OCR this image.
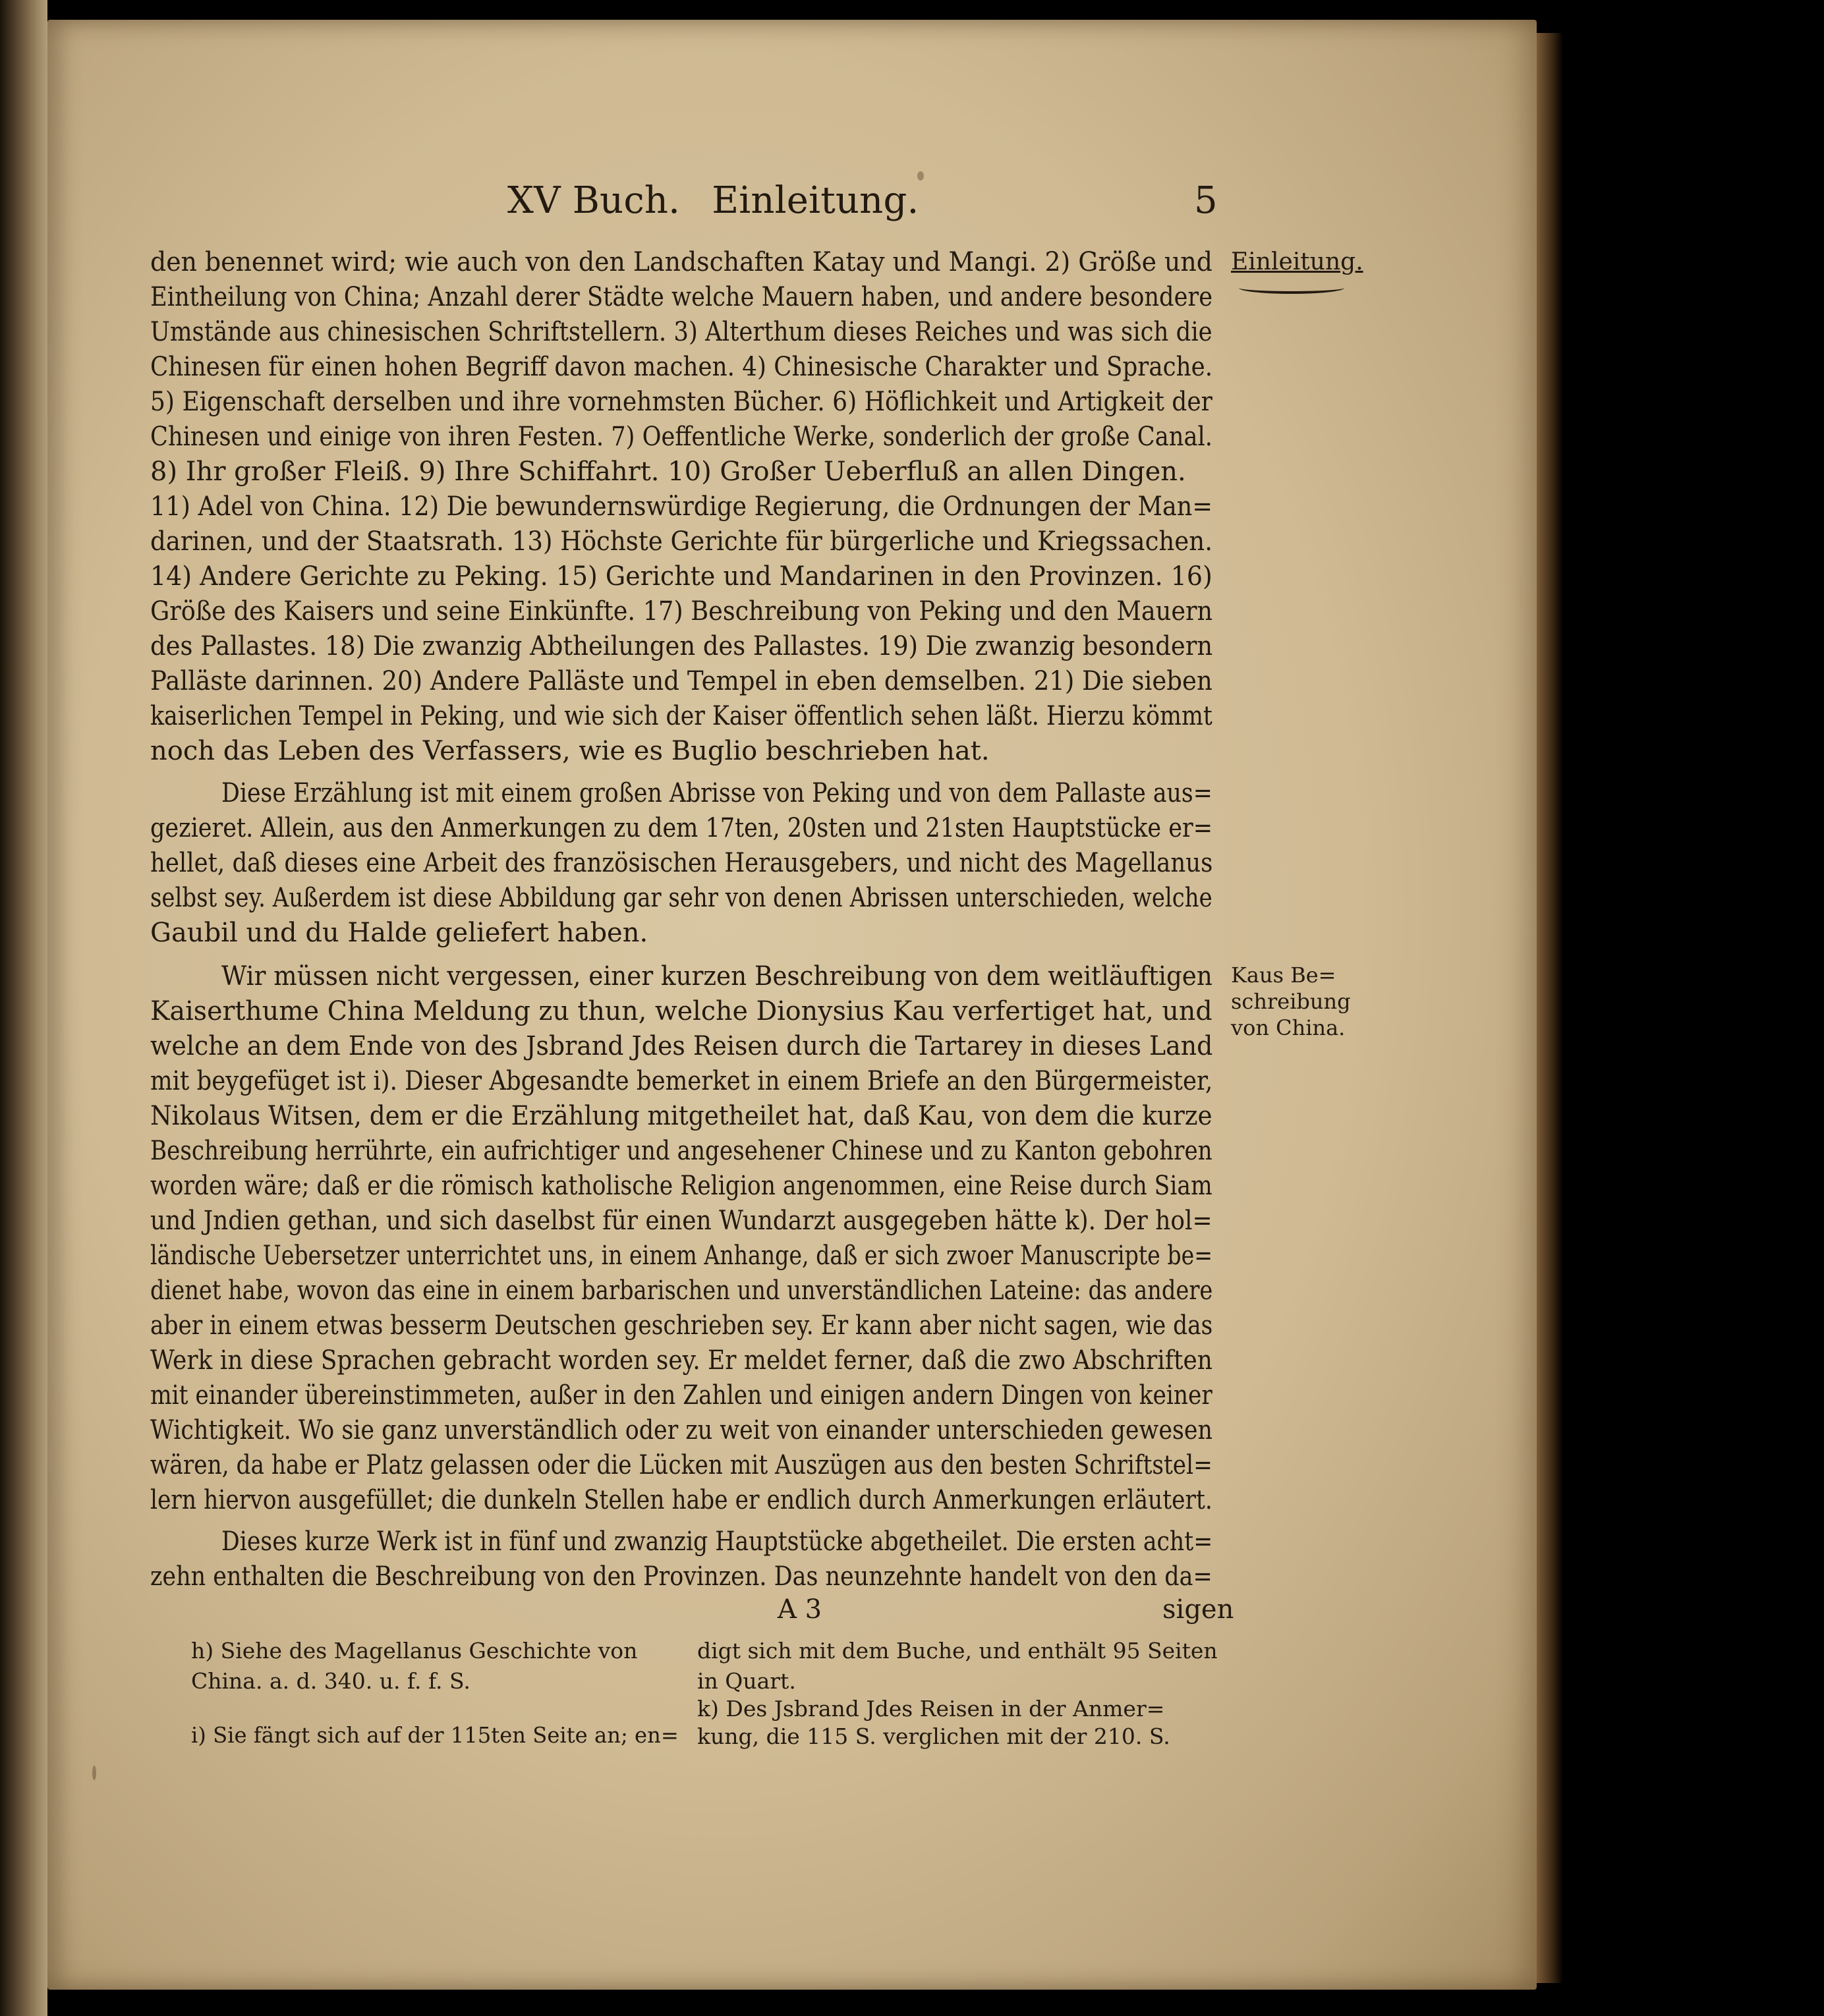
XV Buch. Einleitung.	5
Einleitung.
Kaus Be=
schreibung
von China.
den benennet wird; wie auch von den Landschaften Katay und Mangi. 2) Größe und
Eintheilung von China; Anzahl derer Städte welche Mauern haben, und andere besondere
Umstände aus chinesischen Schriftstellern. 3) Alterthum dieses Reiches und was sich die
Chinesen für einen hohen Begriff davon machen. 4) Chinesische Charakter und Sprache.
5) Eigenschaft derselben und ihre vornehmsten Bücher. 6) Höflichkeit und Artigkeit der
Chinesen und einige von ihren Festen. 7) Oeffentliche Werke, sonderlich der große Canal.
8) Ihr großer Fleiß. 9) Ihre Schiffahrt. 10) Großer Ueberfluß an allen Dingen.
11) Adel von China. 12) Die bewundernswürdige Regierung, die Ordnungen der Man=
darinen, und der Staatsrath. 13) Höchste Gerichte für bürgerliche und Kriegssachen.
14) Andere Gerichte zu Peking. 15) Gerichte und Mandarinen in den Provinzen. 16)
Größe des Kaisers und seine Einkünfte. 17) Beschreibung von Peking und den Mauern
des Pallastes. 18) Die zwanzig Abtheilungen des Pallastes. 19) Die zwanzig besondern
Palläste darinnen. 20) Andere Palläste und Tempel in eben demselben. 21) Die sieben
kaiserlichen Tempel in Peking, und wie sich der Kaiser öffentlich sehen läßt. Hierzu kömmt
noch das Leben des Verfassers, wie es Buglio beschrieben hat.
Diese Erzählung ist mit einem großen Abrisse von Peking und von dem Pallaste aus=
gezieret. Allein, aus den Anmerkungen zu dem 17ten, 20sten und 21sten Hauptstücke er=
hellet, daß dieses eine Arbeit des französischen Herausgebers, und nicht des Magellanus
selbst sey. Außerdem ist diese Abbildung gar sehr von denen Abrissen unterschieden, welche
Gaubil und du Halde geliefert haben.
Wir müssen nicht vergessen, einer kurzen Beschreibung von dem weitläuftigen
Kaiserthume China Meldung zu thun, welche Dionysius Kau verfertiget hat, und
welche an dem Ende von des Jsbrand Jdes Reisen durch die Tartarey in dieses Land
mit beygefüget ist i). Dieser Abgesandte bemerket in einem Briefe an den Bürgermeister,
Nikolaus Witsen, dem er die Erzählung mitgetheilet hat, daß Kau, von dem die kurze
Beschreibung herrührte, ein aufrichtiger und angesehener Chinese und zu Kanton gebohren
worden wäre; daß er die römisch katholische Religion angenommen, eine Reise durch Siam
und Jndien gethan, und sich daselbst für einen Wundarzt ausgegeben hätte k). Der hol=
ländische Uebersetzer unterrichtet uns, in einem Anhange, daß er sich zwoer Manuscripte be=
dienet habe, wovon das eine in einem barbarischen und unverständlichen Lateine: das andere
aber in einem etwas besserm Deutschen geschrieben sey. Er kann aber nicht sagen, wie das
Werk in diese Sprachen gebracht worden sey. Er meldet ferner, daß die zwo Abschriften
mit einander übereinstimmeten, außer in den Zahlen und einigen andern Dingen von keiner
Wichtigkeit. Wo sie ganz unverständlich oder zu weit von einander unterschieden gewesen
wären, da habe er Platz gelassen oder die Lücken mit Auszügen aus den besten Schriftstel=
lern hiervon ausgefüllet; die dunkeln Stellen habe er endlich durch Anmerkungen erläutert.
Dieses kurze Werk ist in fünf und zwanzig Hauptstücke abgetheilet. Die ersten acht=
zehn enthalten die Beschreibung von den Provinzen. Das neunzehnte handelt von den da=
A 3	sigen
h) Siehe des Magellanus Geschichte von
China. a. d. 340. u. f. f. S.
i) Sie fängt sich auf der 115ten Seite an; en=
digt sich mit dem Buche, und enthält 95 Seiten
in Quart.
k) Des Jsbrand Jdes Reisen in der Anmer=
kung, die 115 S. verglichen mit der 210. S.
